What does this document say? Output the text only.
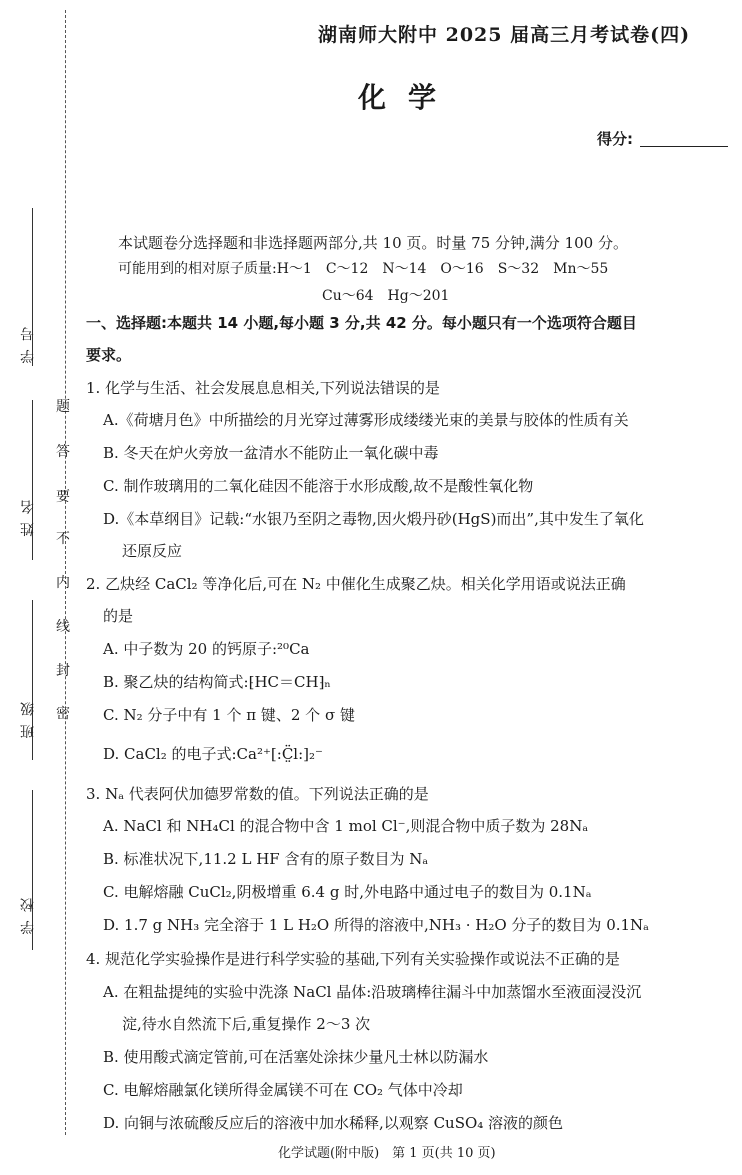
学 号
姓 名
班 级
学 校
题
答
要
不
内
线
封
密
湖南师大附中 2025 届高三月考试卷(四)
化学
得分:
本试题卷分选择题和非选择题两部分,共 10 页。时量 75 分钟,满分 100 分。
可能用到的相对原子质量:H～1　C～12　N～14　O～16　S～32　Mn～55
Cu～64　Hg～201
一、选择题:本题共 14 小题,每小题 3 分,共 42 分。每小题只有一个选项符合题目
要求。
1. 化学与生活、社会发展息息相关,下列说法错误的是
A.《荷塘月色》中所描绘的月光穿过薄雾形成缕缕光束的美景与胶体的性质有关
B. 冬天在炉火旁放一盆清水不能防止一氧化碳中毒
C. 制作玻璃用的二氧化硅因不能溶于水形成酸,故不是酸性氧化物
D.《本草纲目》记载:“水银乃至阴之毒物,因火煅丹砂(HgS)而出”,其中发生了氧化
还原反应
2. 乙炔经 CaCl₂ 等净化后,可在 N₂ 中催化生成聚乙炔。相关化学用语或说法正确
的是
A. 中子数为 20 的钙原子:²⁰Ca
B. 聚乙炔的结构简式:⁅HC＝CH⁆ₙ
C. N₂ 分子中有 1 个 π 键、2 个 σ 键
D. CaCl₂ 的电子式:Ca²⁺[:C̤̈l:]₂⁻
3. Nₐ 代表阿伏加德罗常数的值。下列说法正确的是
A. NaCl 和 NH₄Cl 的混合物中含 1 mol Cl⁻,则混合物中质子数为 28Nₐ
B. 标准状况下,11.2 L HF 含有的原子数目为 Nₐ
C. 电解熔融 CuCl₂,阴极增重 6.4 g 时,外电路中通过电子的数目为 0.1Nₐ
D. 1.7 g NH₃ 完全溶于 1 L H₂O 所得的溶液中,NH₃ · H₂O 分子的数目为 0.1Nₐ
4. 规范化学实验操作是进行科学实验的基础,下列有关实验操作或说法不正确的是
A. 在粗盐提纯的实验中洗涤 NaCl 晶体:沿玻璃棒往漏斗中加蒸馏水至液面浸没沉
淀,待水自然流下后,重复操作 2～3 次
B. 使用酸式滴定管前,可在活塞处涂抹少量凡士林以防漏水
C. 电解熔融氯化镁所得金属镁不可在 CO₂ 气体中冷却
D. 向铜与浓硫酸反应后的溶液中加水稀释,以观察 CuSO₄ 溶液的颜色
化学试题(附中版)　第 1 页(共 10 页)
